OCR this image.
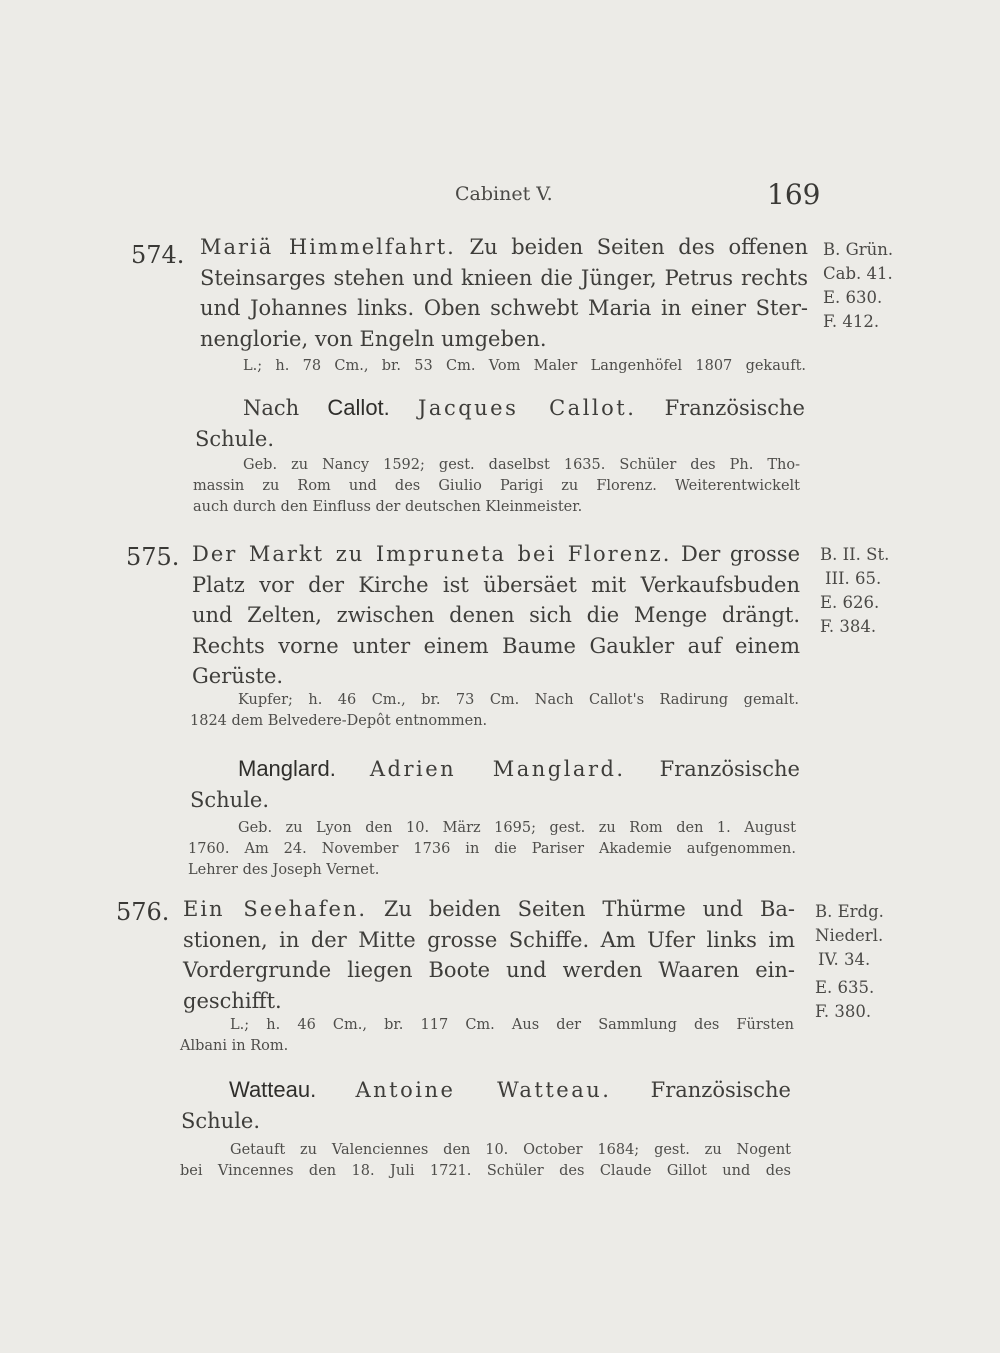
Cabinet V.	169
574. Mariä Himmelfahrt. Zu beiden Seiten des offenen
Steinsarges stehen und knieen die Jünger, Petrus rechts
und Johannes links. Oben schwebt Maria in einer Ster-
nenglorie, von Engeln umgeben.
L.; h. 78 Cm., br. 53 Cm. Vom Maler Langenhöfel 1807 gekauft.
B. Grün.
Cab. 41.
E. 630.
F. 412.
Nach Callot. Jacques Callot. Französische
Schule.
Geb. zu Nancy 1592; gest. daselbst 1635. Schüler des Ph. Tho-
massin zu Rom und des Giulio Parigi zu Florenz. Weiterentwickelt
auch durch den Einfluss der deutschen Kleinmeister.
575. Der Markt zu Impruneta bei Florenz. Der grosse
Platz vor der Kirche ist übersäet mit Verkaufsbuden
und Zelten, zwischen denen sich die Menge drängt.
Rechts vorne unter einem Baume Gaukler auf einem
Gerüste.
Kupfer; h. 46 Cm., br. 73 Cm. Nach Callot's Radirung gemalt.
1824 dem Belvedere-Depôt entnommen.
B. II. St.
III. 65.
E. 626.
F. 384.
Manglard. Adrien Manglard. Französische
Schule.
Geb. zu Lyon den 10. März 1695; gest. zu Rom den 1. August
1760. Am 24. November 1736 in die Pariser Akademie aufgenommen.
Lehrer des Joseph Vernet.
576. Ein Seehafen. Zu beiden Seiten Thürme und Ba-
stionen, in der Mitte grosse Schiffe. Am Ufer links im
Vordergrunde liegen Boote und werden Waaren ein-
geschifft.
L.; h. 46 Cm., br. 117 Cm. Aus der Sammlung des Fürsten
Albani in Rom.
B. Erdg.
Niederl.
IV. 34.
E. 635.
F. 380.
Watteau. Antoine Watteau. Französische
Schule.
Getauft zu Valenciennes den 10. October 1684; gest. zu Nogent
bei Vincennes den 18. Juli 1721. Schüler des Claude Gillot und des
